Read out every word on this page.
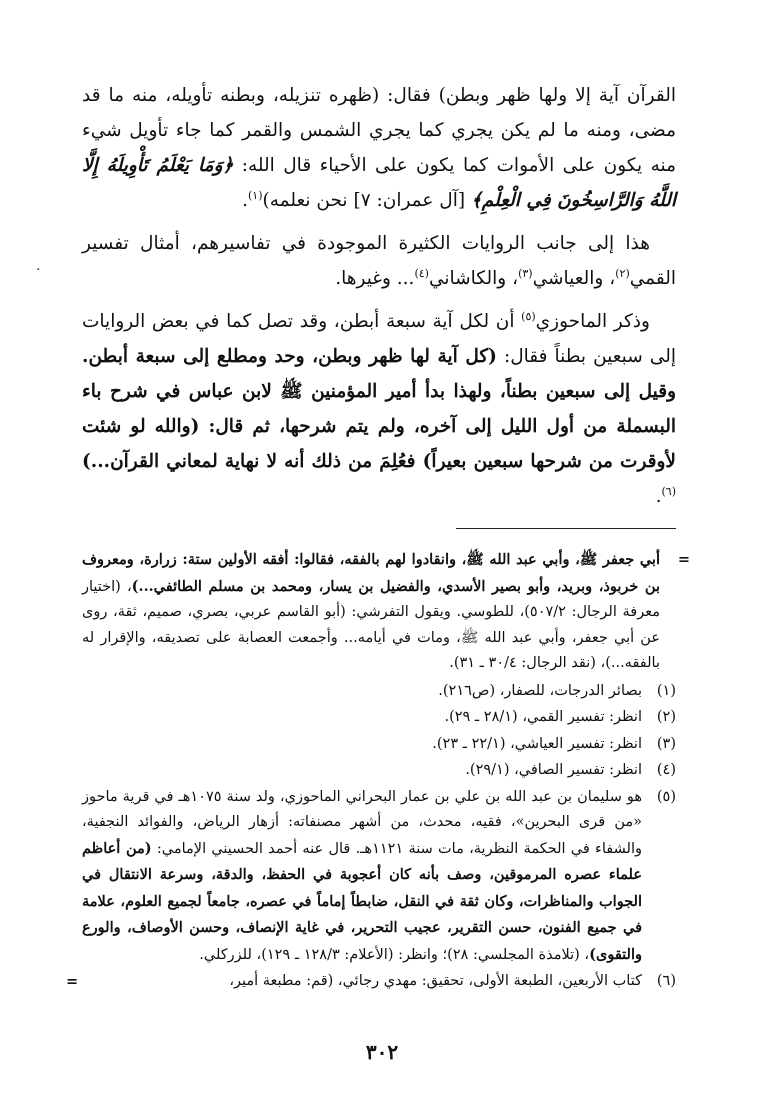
·

القرآن آية إلا ولها ظهر وبطن) فقال: (ظهره تنزيله، وبطنه تأويله، منه ما قد مضى، ومنه ما لم يكن يجري كما يجري الشمس والقمر كما جاء تأويل شيء منه يكون على الأموات كما يكون على الأحياء قال الله: ﴿وَمَا يَعْلَمُ تَأْوِيلَهُ إِلَّا اللَّهُ وَالرَّاسِخُونَ فِي الْعِلْمِ﴾ [آل عمران: ٧] نحن نعلمه)$^{(١)}$.

هذا إلى جانب الروايات الكثيرة الموجودة في تفاسيرهم، أمثال تفسير القمي$^{(٢)}$، والعياشي$^{(٣)}$، والكاشاني$^{(٤)}$... وغيرها.

وذكر الماحوزي$^{(٥)}$ أن لكل آية سبعة أبطن، وقد تصل كما في بعض الروايات إلى سبعين بطناً فقال: (كل آية لها ظهر وبطن، وحد ومطلع إلى سبعة أبطن. وقيل إلى سبعين بطناً، ولهذا بدأ أمير المؤمنين ﷺ لابن عباس في شرح باء البسملة من أول الليل إلى آخره، ولم يتم شرحها، ثم قال: (والله لو شئت لأوقرت من شرحها سبعين بعيراً) فعُلِمَ من ذلك أنه لا نهاية لمعاني القرآن...)$^{(٦)}$.

=
أبي جعفر ﷺ، وأبي عبد الله ﷺ، وانقادوا لهم بالفقه، فقالوا: أفقه الأولين ستة: زرارة، ومعروف بن خربوذ، وبريد، وأبو بصير الأسدي، والفضيل بن يسار، ومحمد بن مسلم الطائفي...)، (اختيار معرفة الرجال: ٥٠٧/٢)، للطوسي. ويقول التفرشي: (أبو القاسم عربي، بصري، صميم، ثقة، روى عن أبي جعفر، وأبي عبد الله ﷺ، ومات في أيامه... وأجمعت العصابة على تصديقه، والإقرار له بالفقه...)، (نقد الرجال: ٣٠/٤ ـ ٣١).
(١)
بصائر الدرجات، للصفار، (ص٢١٦).
(٢)
انظر: تفسير القمي، (٢٨/١ ـ ٢٩).
(٣)
انظر: تفسير العياشي، (٢٢/١ ـ ٢٣).
(٤)
انظر: تفسير الصافي، (٢٩/١).
(٥)
هو سليمان بن عبد الله بن علي بن عمار البحراني الماحوزي، ولد سنة ١٠٧٥هـ في قرية ماحوز «من قرى البحرين»، فقيه، محدث، من أشهر مصنفاته: أزهار الرياض، والفوائد النجفية، والشفاء في الحكمة النظرية، مات سنة ١١٢١هـ. قال عنه أحمد الحسيني الإمامي: (من أعاظم علماء عصره المرموقين، وصف بأنه كان أعجوبة في الحفظ، والدقة، وسرعة الانتقال في الجواب والمناظرات، وكان ثقة في النقل، ضابطاً إماماً في عصره، جامعاً لجميع العلوم، علامة في جميع الفنون، حسن التقرير، عجيب التحرير، في غاية الإنصاف، وحسن الأوصاف، والورع والتقوى)، (تلامذة المجلسي: ٢٨)؛ وانظر: (الأعلام: ١٢٨/٣ ـ ١٢٩)، للزركلي.
(٦)
كتاب الأربعين، الطبعة الأولى، تحقيق: مهدي رجائي، (قم: مطبعة أمير،
=
٣٠٢
